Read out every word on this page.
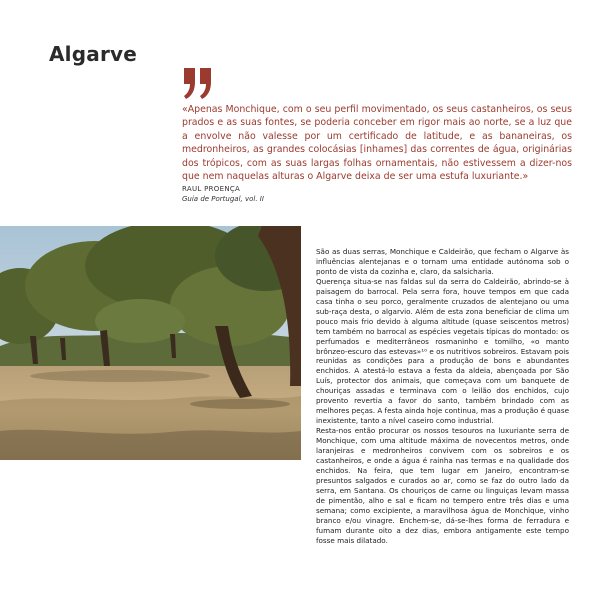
Algarve

«Apenas Monchique, com o seu perfil movimentado, os seus castanheiros, os seus prados e as suas fontes, se poderia conceber em rigor mais ao norte, se a luz que a envolve não valesse por um certificado de latitude, e as bananeiras, os medronheiros, as grandes colocásias [inhames] das correntes de água, originárias dos trópicos, com as suas largas folhas ornamentais, não estivessem a dizer-nos que nem naquelas alturas o Algarve deixa de ser uma estufa luxuriante.»

RAUL PROENÇA

Guia de Portugal, vol. II

São as duas serras, Monchique e Caldeirão, que fecham o Algarve às influências alentejanas e o tornam uma entidade autónoma sob o ponto de vista da cozinha e, claro, da salsicharia.

Querença situa-se nas faldas sul da serra do Caldeirão, abrindo-se à paisagem do barrocal. Pela serra fora, houve tempos em que cada casa tinha o seu porco, geralmente cruzados de alentejano ou uma sub-raça desta, o algarvio. Além de esta zona beneficiar de clima um pouco mais frio devido à alguma altitude (quase seiscentos metros) tem também no barrocal as espécies vegetais típicas do montado: os perfumados e mediterrâneos rosmaninho e tomilho, «o manto brônzeo-escuro das estevas»¹⁰ e os nutritivos sobreiros. Estavam pois reunidas as condições para a produção de bons e abundantes enchidos. A atestá-lo estava a festa da aldeia, abençoada por São Luís, protector dos animais, que começava com um banquete de chouriças assadas e terminava com o leilão dos enchidos, cujo provento revertia a favor do santo, também brindado com as melhores peças. A festa ainda hoje continua, mas a produção é quase inexistente, tanto a nível caseiro como industrial.

Resta-nos então procurar os nossos tesouros na luxuriante serra de Monchique, com uma altitude máxima de novecentos metros, onde laranjeiras e medronheiros convivem com os sobreiros e os castanheiros, e onde a água é rainha nas termas e na qualidade dos enchidos. Na feira, que tem lugar em Janeiro, encontram-se presuntos salgados e curados ao ar, como se faz do outro lado da serra, em Santana. Os chouriços de carne ou linguiças levam massa de pimentão, alho e sal e ficam no tempero entre três dias e uma semana; como excipiente, a maravilhosa água de Monchique, vinho branco e/ou vinagre. Enchem-se, dá-se-lhes forma de ferradura e fumam durante oito a dez dias, embora antigamente este tempo fosse mais dilatado.
